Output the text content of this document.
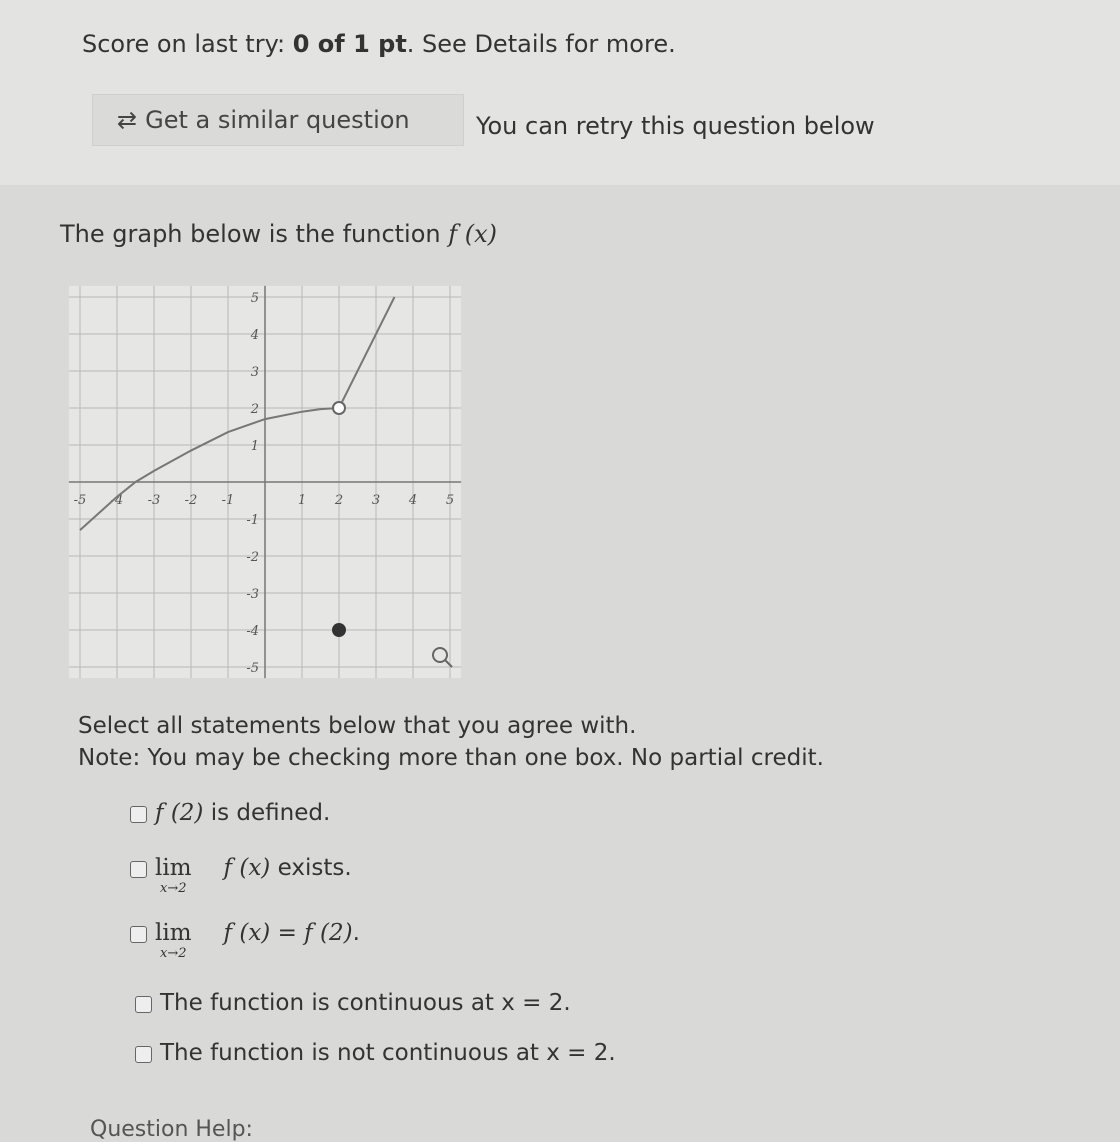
Score on last try: 0 of 1 pt. See Details for more.
⇄ Get a similar question	You can retry this question below
The graph below is the function f (x)
-5 -4 -3 -2 -1	1 2 3 4 5
5
4
3
2
1
-1
-2
-3
-4
-5
Select all statements below that you agree with.
Note: You may be checking more than one box. No partial credit.
f (2) is defined.
lim
x→2
f (x) exists.
lim
x→2
f (x) = f (2).
The function is continuous at x = 2.
The function is not continuous at x = 2.
Question Help:
